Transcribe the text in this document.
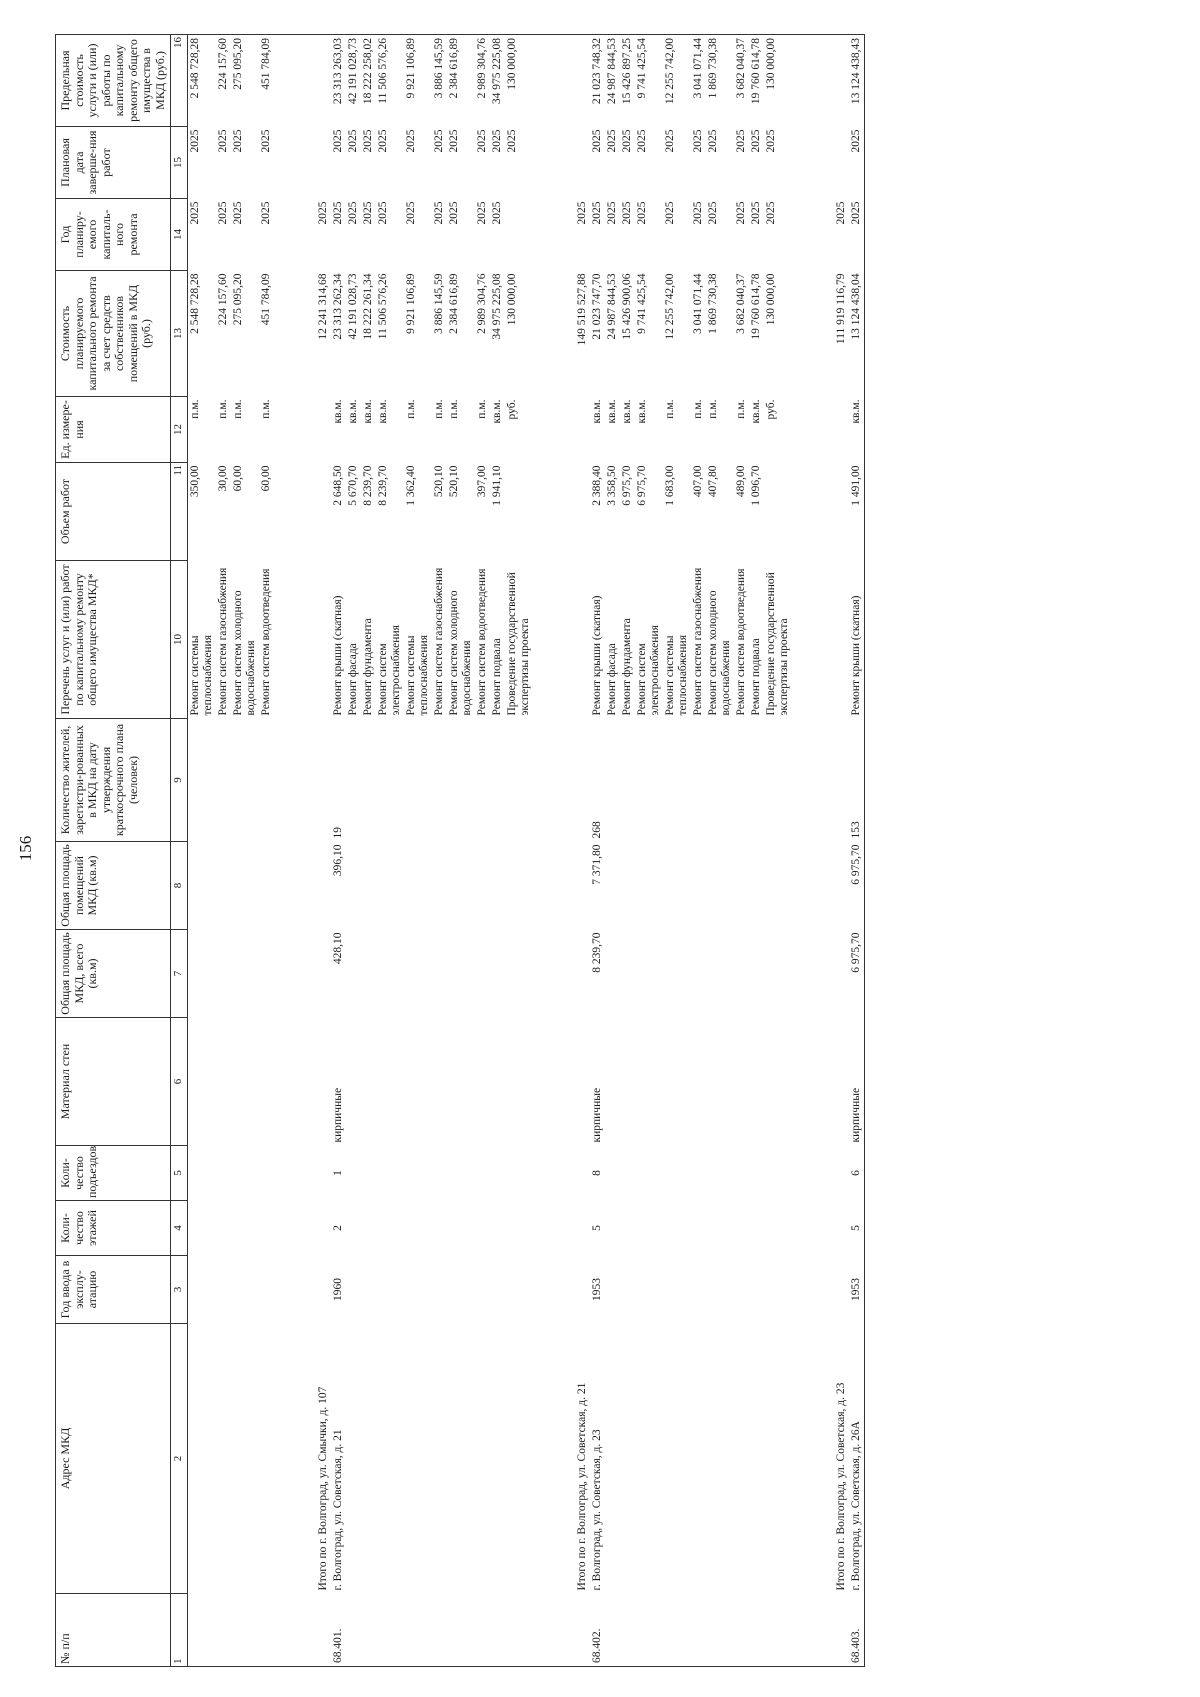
156
№ п/п	Адрес МКД	Год ввода в эксплу-атацию	Коли-чество этажей	Коли-чество подъездов	Материал стен	Общая площадь МКД, всего (кв.м)	Общая площадь помещений МКД (кв.м)	Количество жителей, зарегистри-рованных в МКД на дату утверждения краткосрочного плана (человек)	Перечень услуг и (или) работ по капитальному ремонту общего имущества МКД*	Объем работ	Ед. измере-ния	Стоимость планируемого капитального ремонта за счет средств собственников помещений в МКД (руб.)	Год планиру-емого капиталь-ного ремонта	Плановая дата заверше-ния работ	Предельная стоимость услуги и (или) работы по капитальному ремонту общего имущества в МКД (руб.)
1	2	3	4	5	6	7	8	9	10	11	12	13	14	15	16
									Ремонт системы теплоснабжения	350,00	п.м.	2 548 728,28	2025	2025	2 548 728,28
									Ремонт систем газоснабжения	30,00	п.м.	224 157,60	2025	2025	224 157,60
									Ремонт систем холодного водоснабжения	60,00	п.м.	275 095,20	2025	2025	275 095,20
									Ремонт систем водоотведения	60,00	п.м.	451 784,09	2025	2025	451 784,09

	Итого по г. Волгоград, ул. Смычки, д. 107											12 241 314,68	2025		
68.401.	г. Волгоград, ул. Советская, д. 21	1960	2	1	кирпичные	428,10	396,10	19	Ремонт крыши (скатная)	2 648,50	кв.м.	23 313 262,34	2025	2025	23 313 263,03
									Ремонт фасада	5 670,70	кв.м.	42 191 028,73	2025	2025	42 191 028,73
									Ремонт фундамента	8 239,70	кв.м.	18 222 261,34	2025	2025	18 222 258,02
									Ремонт систем электроснабжения	8 239,70	кв.м.	11 506 576,26	2025	2025	11 506 576,26
									Ремонт системы теплоснабжения	1 362,40	п.м.	9 921 106,89	2025	2025	9 921 106,89
									Ремонт систем газоснабжения	520,10	п.м.	3 886 145,59	2025	2025	3 886 145,59
									Ремонт систем холодного водоснабжения	520,10	п.м.	2 384 616,89	2025	2025	2 384 616,89
									Ремонт систем водоотведения	397,00	п.м.	2 989 304,76	2025	2025	2 989 304,76
									Ремонт подвала	1 941,10	кв.м.	34 975 225,08	2025	2025	34 975 225,08
									Проведение государственной экспертизы проекта		руб.	130 000,00		2025	130 000,00

	Итого по г. Волгоград, ул. Советская, д. 21											149 519 527,88	2025		
68.402.	г. Волгоград, ул. Советская, д. 23	1953	5	8	кирпичные	8 239,70	7 371,80	268	Ремонт крыши (скатная)	2 388,40	кв.м.	21 023 747,70	2025	2025	21 023 748,32
									Ремонт фасада	3 358,50	кв.м.	24 987 844,53	2025	2025	24 987 844,53
									Ремонт фундамента	6 975,70	кв.м.	15 426 900,06	2025	2025	15 426 897,25
									Ремонт систем электроснабжения	6 975,70	кв.м.	9 741 425,54	2025	2025	9 741 425,54
									Ремонт системы теплоснабжения	1 683,00	п.м.	12 255 742,00	2025	2025	12 255 742,00
									Ремонт систем газоснабжения	407,00	п.м.	3 041 071,44	2025	2025	3 041 071,44
									Ремонт систем холодного водоснабжения	407,80	п.м.	1 869 730,38	2025	2025	1 869 730,38
									Ремонт систем водоотведения	489,00	п.м.	3 682 040,37	2025	2025	3 682 040,37
									Ремонт подвала	1 096,70	кв.м.	19 760 614,78	2025	2025	19 760 614,78
									Проведение государственной экспертизы проекта		руб.	130 000,00	2025	2025	130 000,00

	Итого по г. Волгоград, ул. Советская, д. 23											111 919 116,79	2025		
68.403.	г. Волгоград, ул. Советская, д. 26А	1953	5	6	кирпичные	6 975,70	6 975,70	153	Ремонт крыши (скатная)	1 491,00	кв.м.	13 124 438,04	2025	2025	13 124 438,43
